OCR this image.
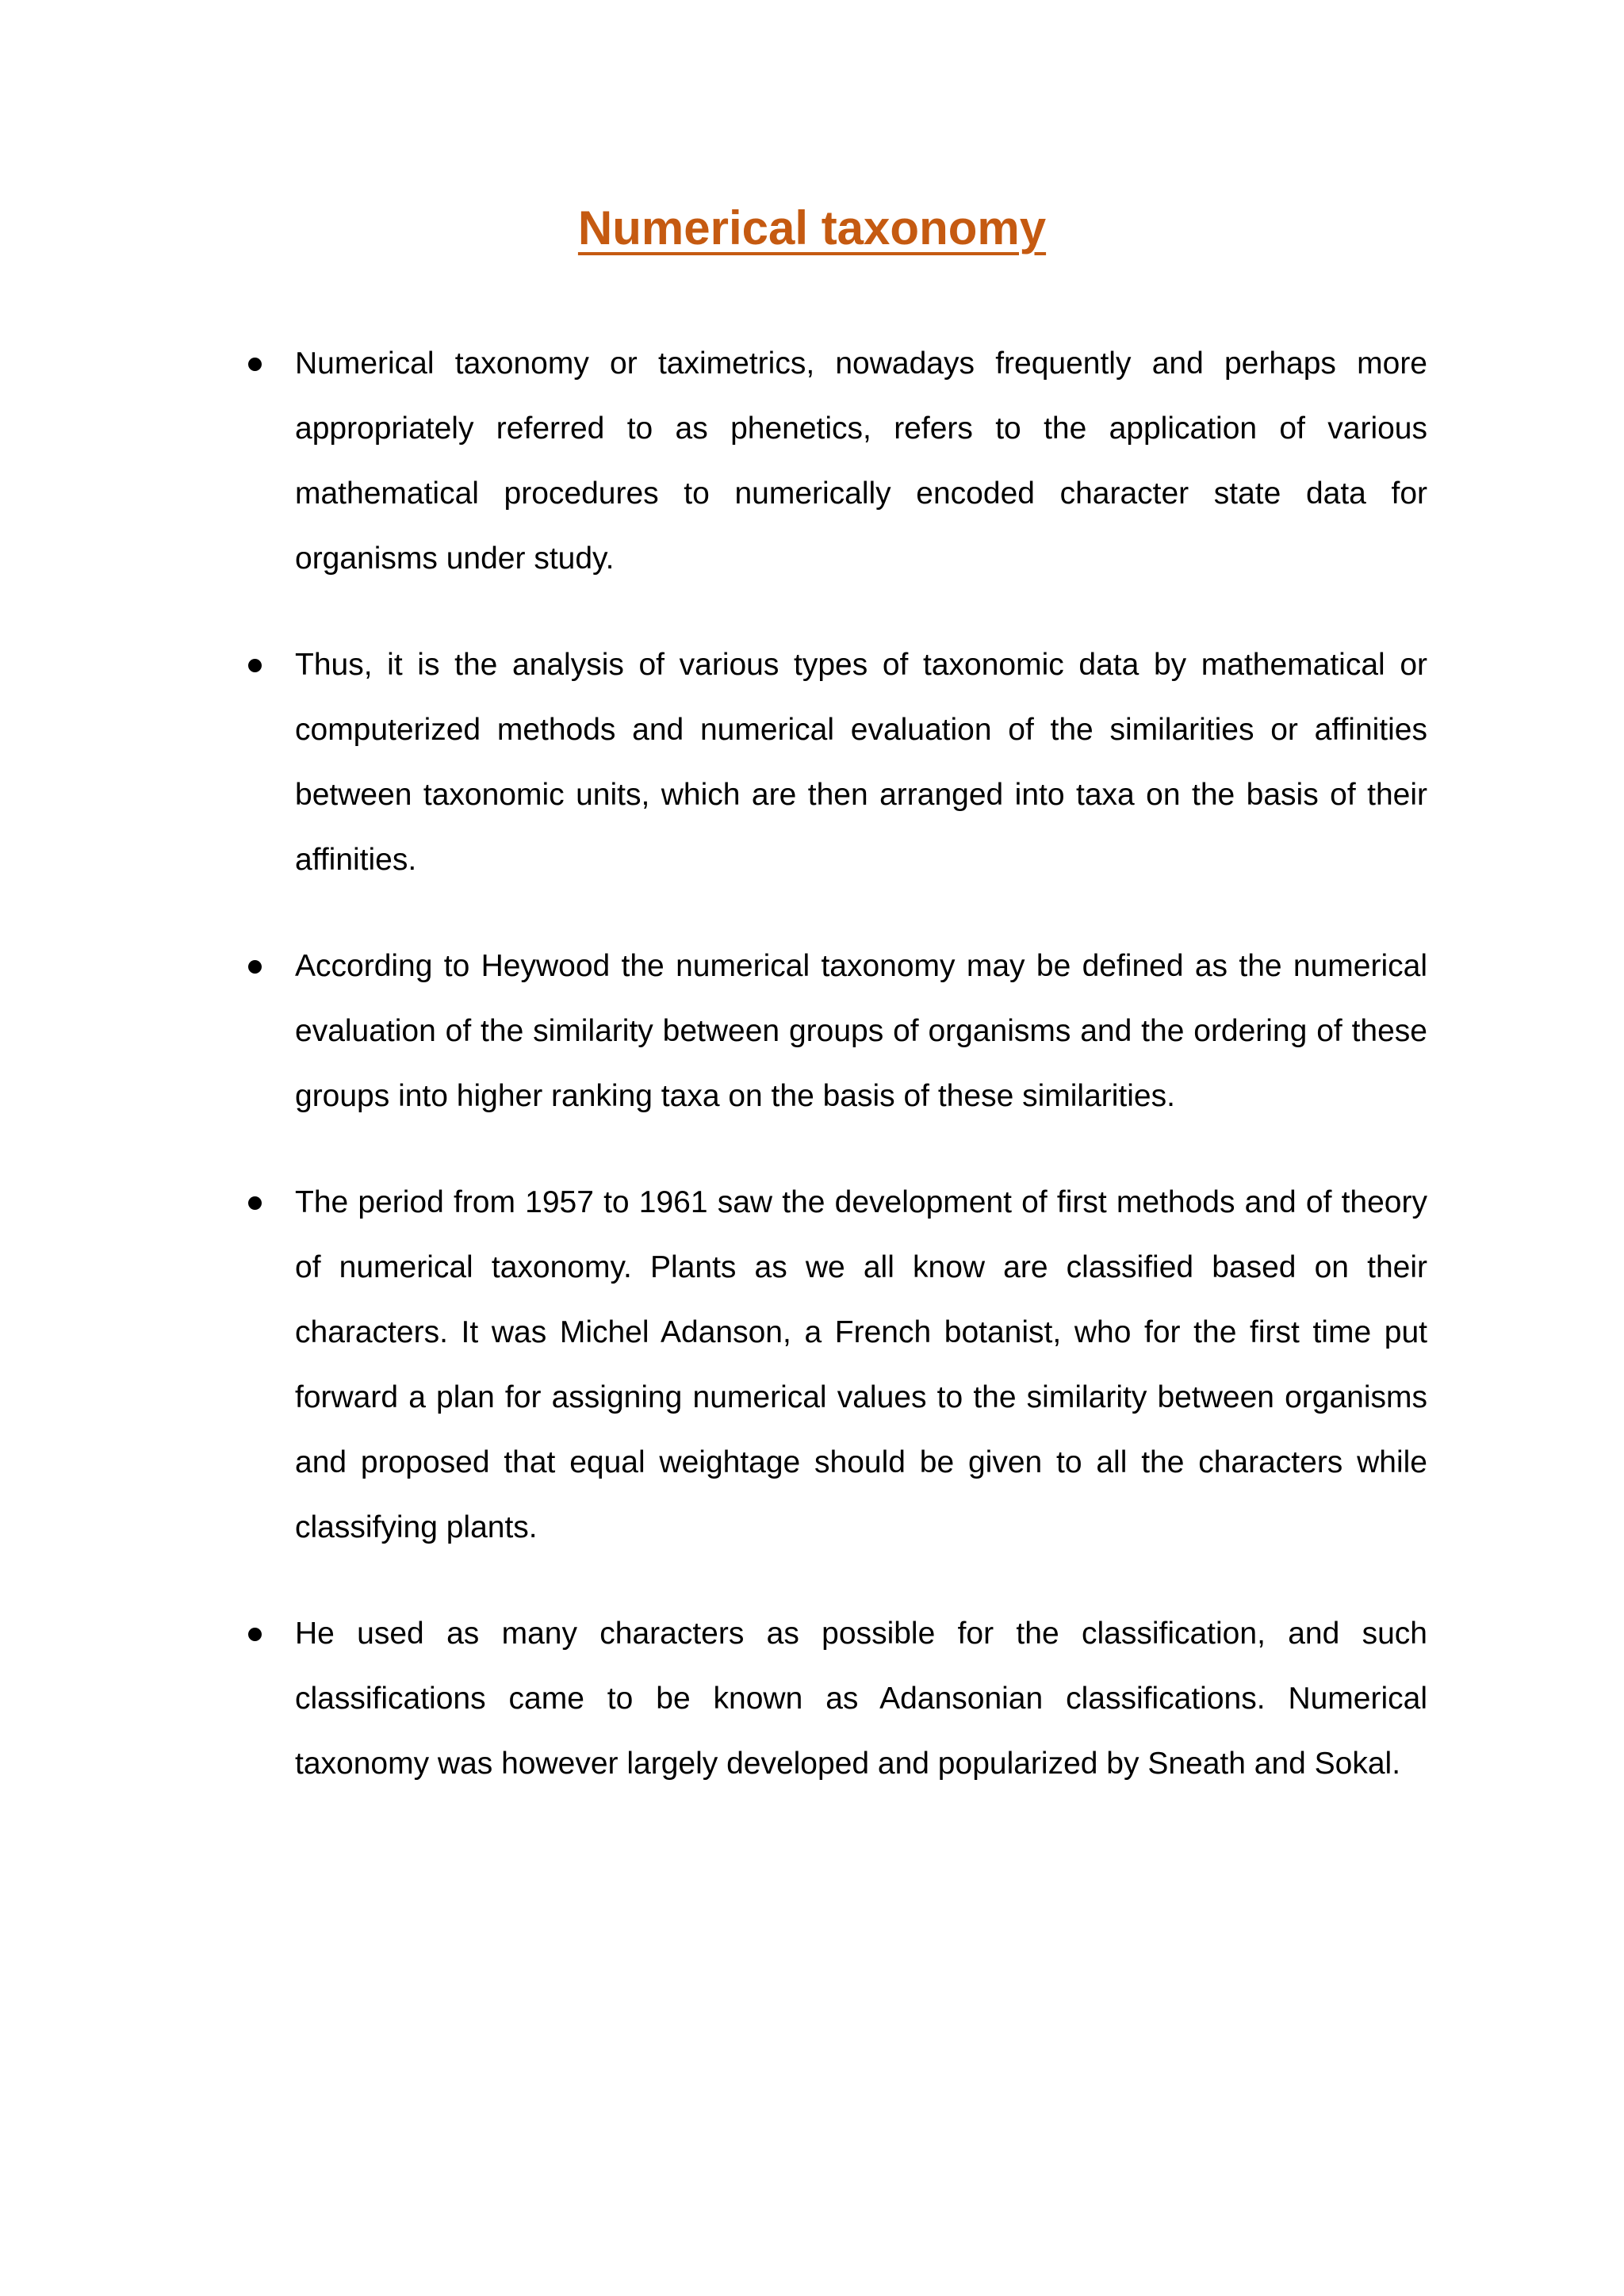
Numerical taxonomy
Numerical taxonomy or taximetrics, nowadays frequently and perhaps more appropriately referred to as phenetics, refers to the application of various mathematical procedures to numerically encoded character state data for organisms under study.
Thus, it is the analysis of various types of taxonomic data by mathematical or computerized methods and numerical evaluation of the similarities or affinities between taxonomic units, which are then arranged into taxa on the basis of their affinities.
According to Heywood the numerical taxonomy may be defined as the numerical evaluation of the similarity between groups of organisms and the ordering of these groups into higher ranking taxa on the basis of these similarities.
The period from 1957 to 1961 saw the development of first methods and of theory of numerical taxonomy. Plants as we all know are classified based on their characters. It was Michel Adanson, a French botanist, who for the first time put forward a plan for assigning numerical values to the similarity between organisms and proposed that equal weightage should be given to all the characters while classifying plants.
He used as many characters as possible for the classification, and such classifications came to be known as Adansonian classifications. Numerical taxonomy was however largely developed and popularized by Sneath and Sokal.
